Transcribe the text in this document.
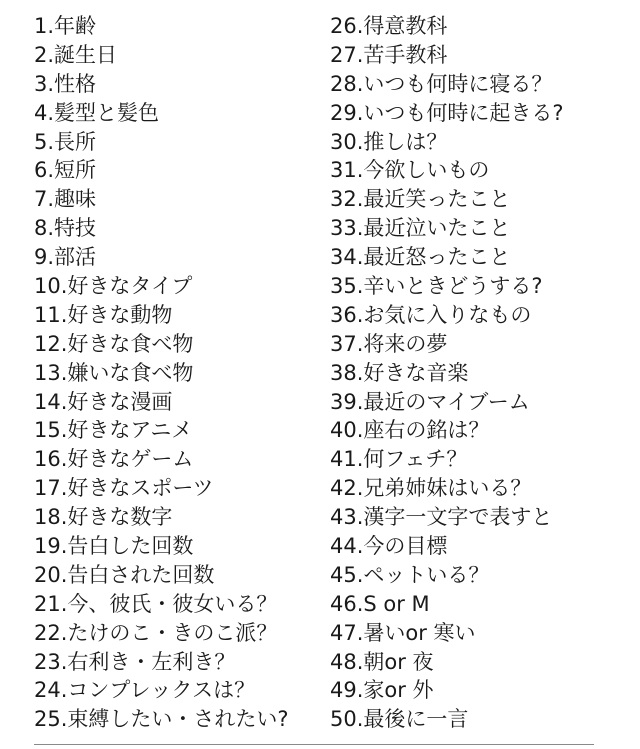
1.年齢
2.誕生日
3.性格
4.髪型と髪色
5.長所
6.短所
7.趣味
8.特技
9.部活
10.好きなタイプ
11.好きな動物
12.好きな食べ物
13.嫌いな食べ物
14.好きな漫画
15.好きなアニメ
16.好きなゲーム
17.好きなスポーツ
18.好きな数字
19.告白した回数
20.告白された回数
21.今、彼氏・彼女いる？
22.たけのこ・きのこ派？
23.右利き・左利き？
24.コンプレックスは？
25.束縛したい・されたい?
26.得意教科
27.苦手教科
28.いつも何時に寝る？
29.いつも何時に起きる?
30.推しは？
31.今欲しいもの
32.最近笑ったこと
33.最近泣いたこと
34.最近怒ったこと
35.辛いときどうする?
36.お気に入りなもの
37.将来の夢
38.好きな音楽
39.最近のマイブーム
40.座右の銘は？
41.何フェチ？
42.兄弟姉妹はいる？
43.漢字一文字で表すと
44.今の目標
45.ペットいる？
46.S or M
47.暑いor 寒い
48.朝or 夜
49.家or 外
50.最後に一言
